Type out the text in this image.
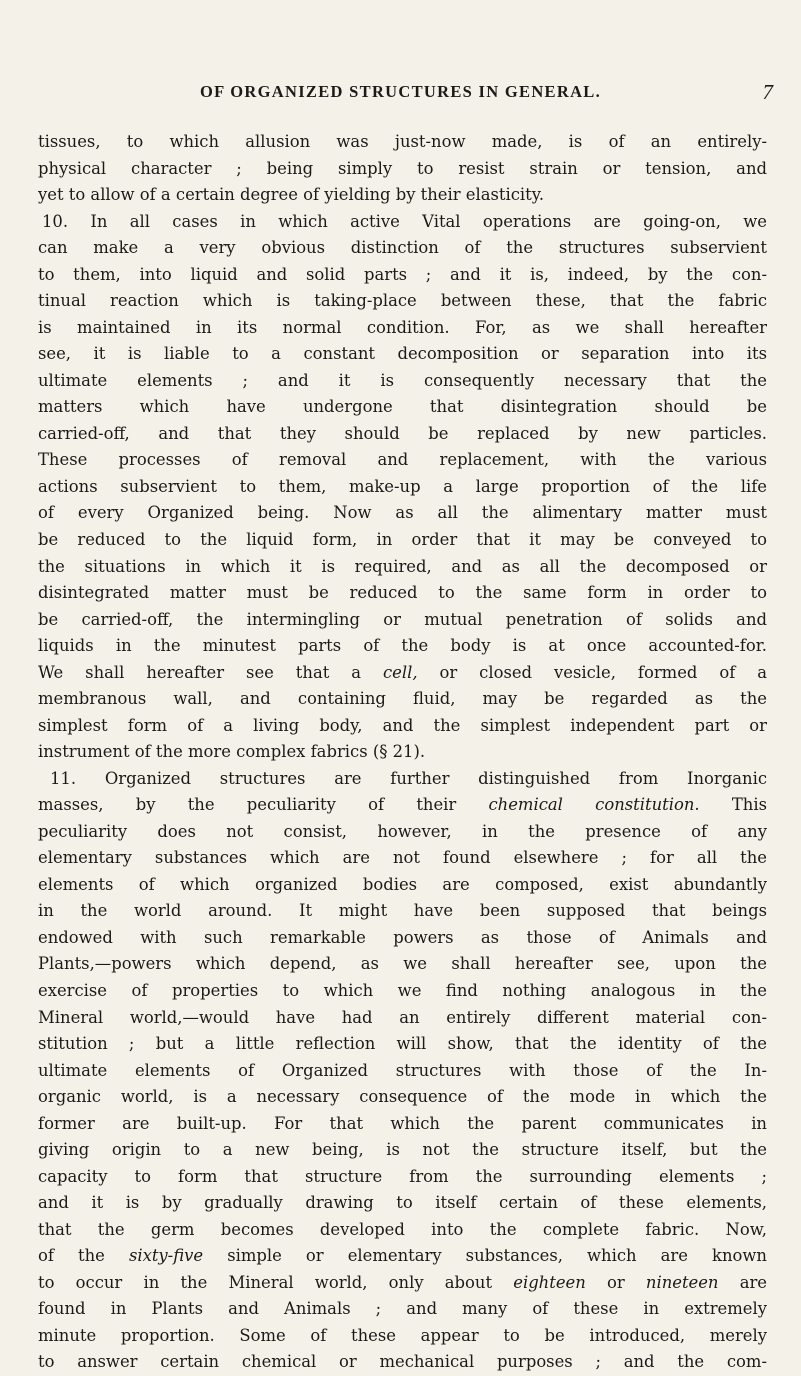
OF ORGANIZED STRUCTURES IN GENERAL.	7
tissues, to which allusion was just-now made, is of an entirely-
physical character ; being simply to resist strain or tension, and
yet to allow of a certain degree of yielding by their elasticity.
10. In all cases in which active Vital operations are going-on, we
can make a very obvious distinction of the structures subservient
to them, into liquid and solid parts ; and it is, indeed, by the con-
tinual reaction which is taking-place between these, that the fabric
is maintained in its normal condition. For, as we shall hereafter
see, it is liable to a constant decomposition or separation into its
ultimate elements ; and it is consequently necessary that the
matters which have undergone that disintegration should be
carried-off, and that they should be replaced by new particles.
These processes of removal and replacement, with the various
actions subservient to them, make-up a large proportion of the life
of every Organized being. Now as all the alimentary matter must
be reduced to the liquid form, in order that it may be conveyed to
the situations in which it is required, and as all the decomposed or
disintegrated matter must be reduced to the same form in order to
be carried-off, the intermingling or mutual penetration of solids and
liquids in the minutest parts of the body is at once accounted-for.
We shall hereafter see that a cell, or closed vesicle, formed of a
membranous wall, and containing fluid, may be regarded as the
simplest form of a living body, and the simplest independent part or
instrument of the more complex fabrics (§ 21).
11. Organized structures are further distinguished from Inorganic
masses, by the peculiarity of their chemical constitution. This
peculiarity does not consist, however, in the presence of any
elementary substances which are not found elsewhere ; for all the
elements of which organized bodies are composed, exist abundantly
in the world around. It might have been supposed that beings
endowed with such remarkable powers as those of Animals and
Plants,—powers which depend, as we shall hereafter see, upon the
exercise of properties to which we find nothing analogous in the
Mineral world,—would have had an entirely different material con-
stitution ; but a little reflection will show, that the identity of the
ultimate elements of Organized structures with those of the In-
organic world, is a necessary consequence of the mode in which the
former are built-up. For that which the parent communicates in
giving origin to a new being, is not the structure itself, but the
capacity to form that structure from the surrounding elements ;
and it is by gradually drawing to itself certain of these elements,
that the germ becomes developed into the complete fabric. Now,
of the sixty-five simple or elementary substances, which are known
to occur in the Mineral world, only about eighteen or nineteen are
found in Plants and Animals ; and many of these in extremely
minute proportion. Some of these appear to be introduced, merely
to answer certain chemical or mechanical purposes ; and the com-
